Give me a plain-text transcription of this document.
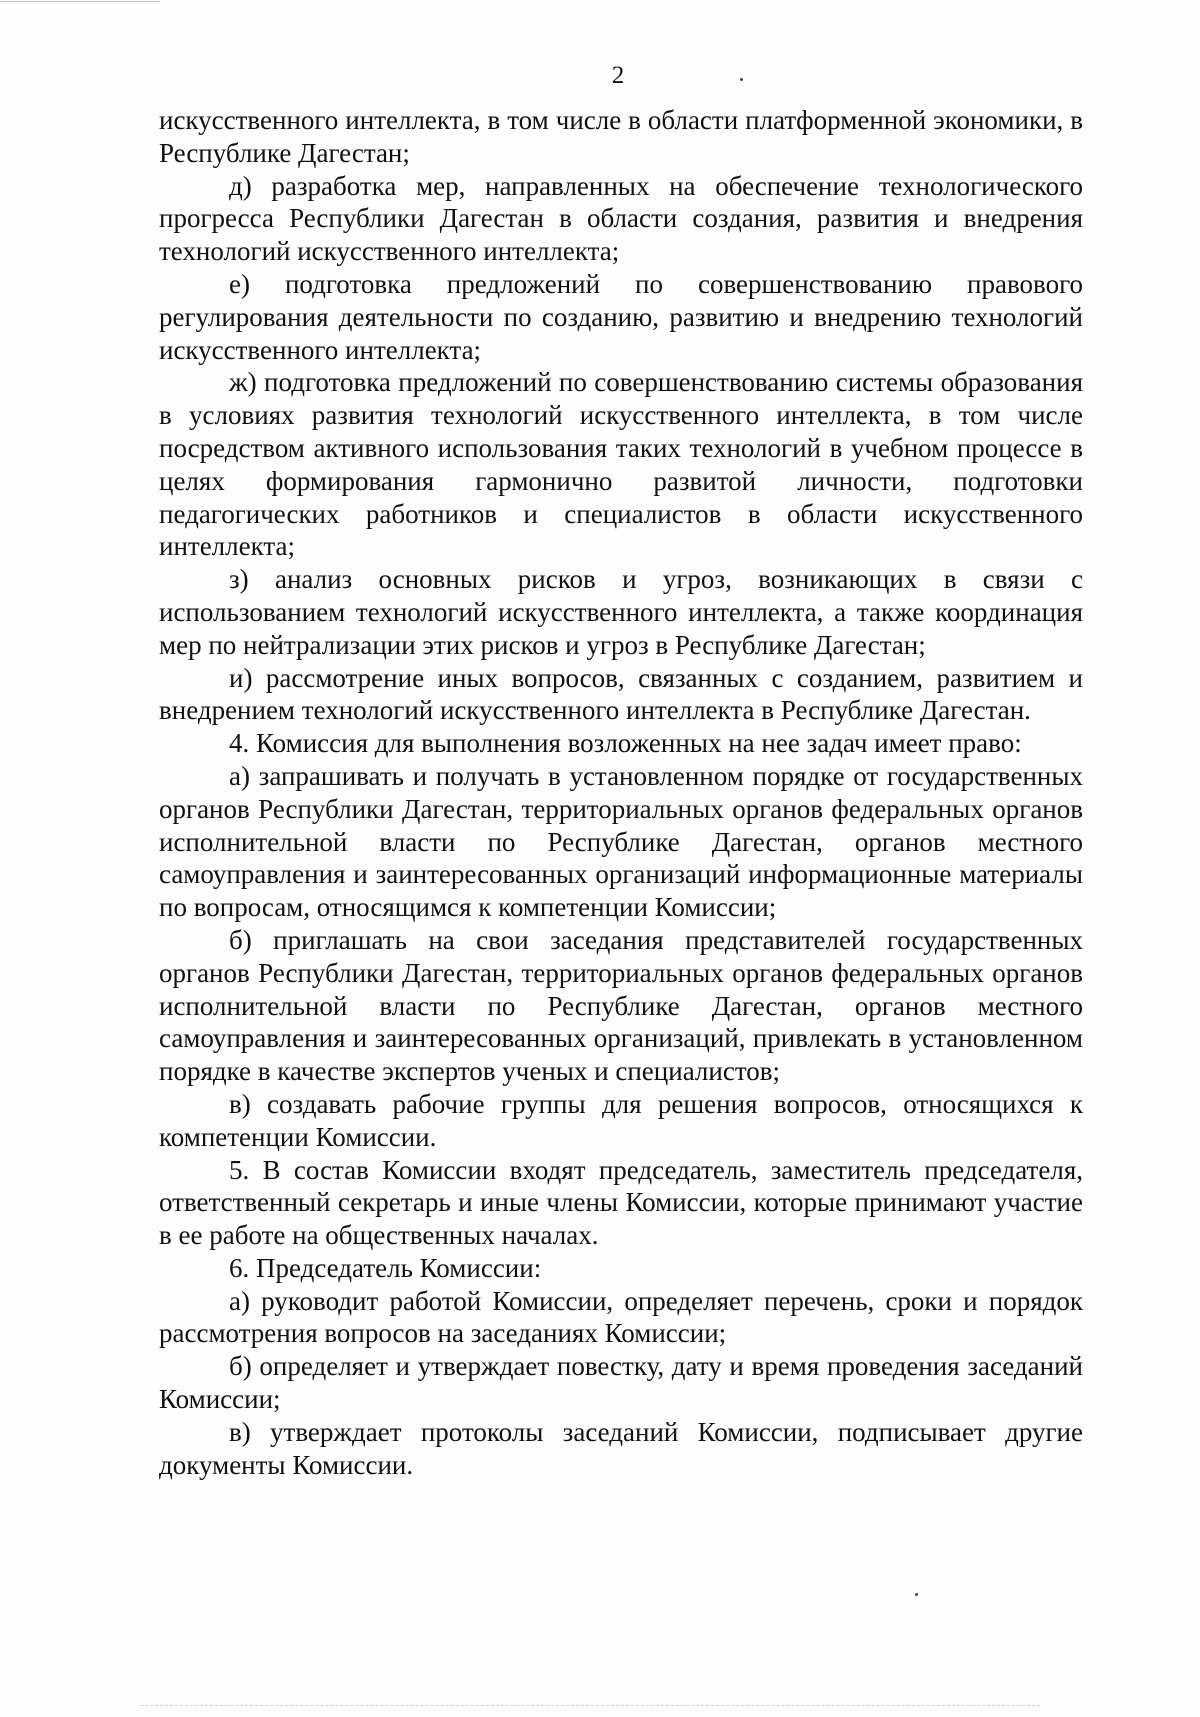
2

искусственного интеллекта, в том числе в области платформенной экономики, в Республике Дагестан;

д) разработка мер, направленных на обеспечение технологического прогресса Республики Дагестан в области создания, развития и внедрения технологий искусственного интеллекта;

е) подготовка предложений по совершенствованию правового регулирования деятельности по созданию, развитию и внедрению технологий искусственного интеллекта;

ж) подготовка предложений по совершенствованию системы образования в условиях развития технологий искусственного интеллекта, в том числе посредством активного использования таких технологий в учебном процессе в целях формирования гармонично развитой личности, подготовки педагогических работников и специалистов в области искусственного интеллекта;

з) анализ основных рисков и угроз, возникающих в связи с использованием технологий искусственного интеллекта, а также координация мер по нейтрализации этих рисков и угроз в Республике Дагестан;

и) рассмотрение иных вопросов, связанных с созданием, развитием и внедрением технологий искусственного интеллекта в Республике Дагестан.

4. Комиссия для выполнения возложенных на нее задач имеет право:

а) запрашивать и получать в установленном порядке от государственных органов Республики Дагестан, территориальных органов федеральных органов исполнительной власти по Республике Дагестан, органов местного самоуправления и заинтересованных организаций информационные материалы по вопросам, относящимся к компетенции Комиссии;

б) приглашать на свои заседания представителей государственных органов Республики Дагестан, территориальных органов федеральных органов исполнительной власти по Республике Дагестан, органов местного самоуправления и заинтересованных организаций, привлекать в установленном порядке в качестве экспертов ученых и специалистов;

в) создавать рабочие группы для решения вопросов, относящихся к компетенции Комиссии.

5. В состав Комиссии входят председатель, заместитель председателя, ответственный секретарь и иные члены Комиссии, которые принимают участие в ее работе на общественных началах.

6. Председатель Комиссии:

а) руководит работой Комиссии, определяет перечень, сроки и порядок рассмотрения вопросов на заседаниях Комиссии;

б) определяет и утверждает повестку, дату и время проведения заседаний Комиссии;

в) утверждает протоколы заседаний Комиссии, подписывает другие документы Комиссии.
